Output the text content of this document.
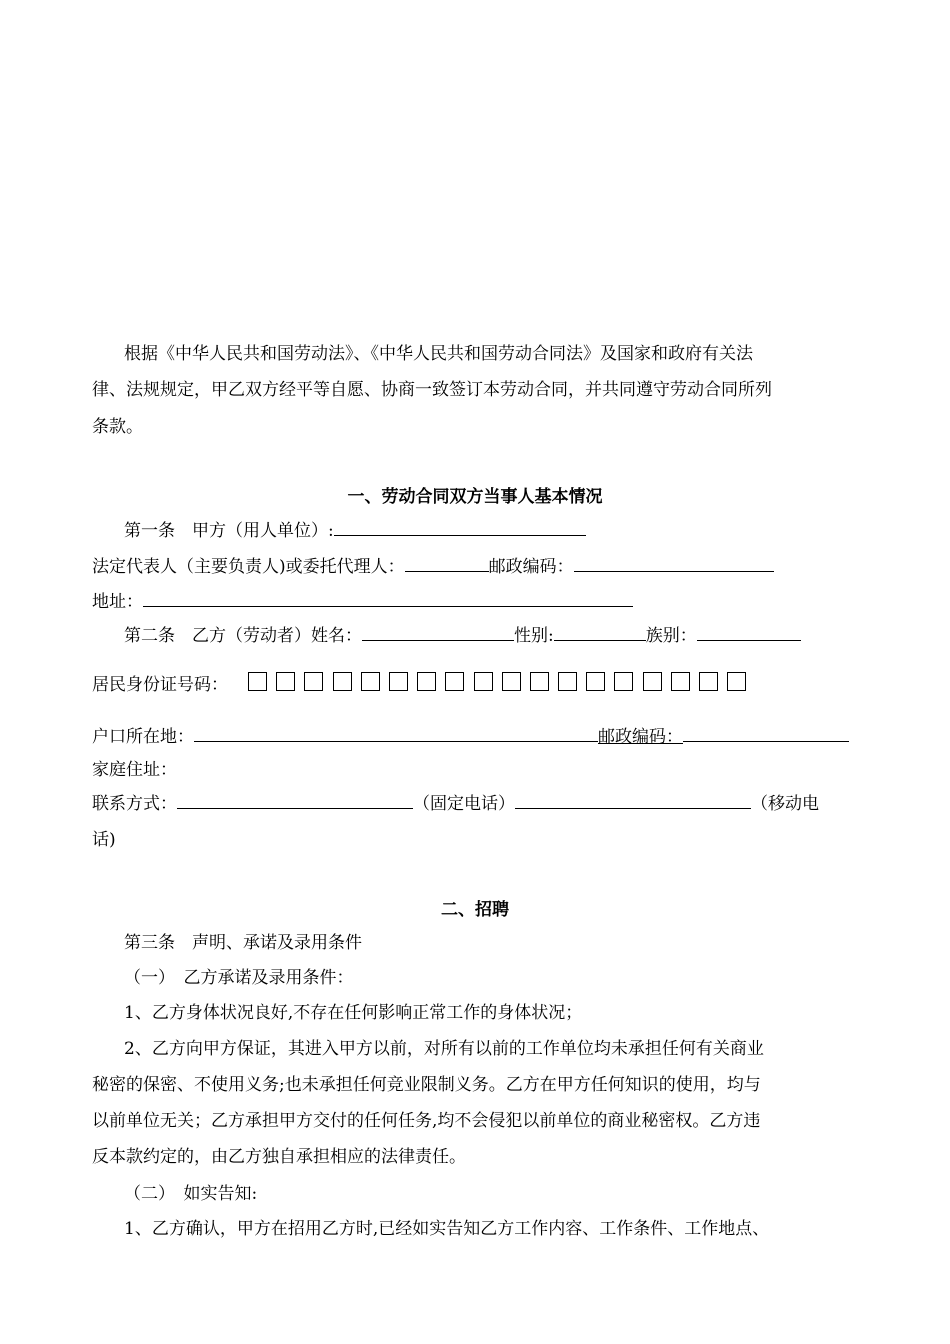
根据《中华人民共和国劳动法》、《中华人民共和国劳动合同法》及国家和政府有关法
律、法规规定，甲乙双方经平等自愿、协商一致签订本劳动合同，并共同遵守劳动合同所列
条款。
一、劳动合同双方当事人基本情况
第一条　甲方（用人单位）:
法定代表人（主要负责人)或委托代理人：	邮政编码：
地址：
第二条　乙方（劳动者）姓名：	性别:	族别：
居民身份证号码：
户口所在地：	邮政编码：
家庭住址：
联系方式：	（固定电话）	（移动电
话)
二、招聘
第三条　声明、承诺及录用条件
（一）　乙方承诺及录用条件：
1、乙方身体状况良好,不存在任何影响正常工作的身体状况；
2、乙方向甲方保证，其进入甲方以前，对所有以前的工作单位均未承担任何有关商业
秘密的保密、不使用义务;也未承担任何竞业限制义务。乙方在甲方任何知识的使用，均与
以前单位无关；乙方承担甲方交付的任何任务,均不会侵犯以前单位的商业秘密权。乙方违
反本款约定的，由乙方独自承担相应的法律责任。
（二）　如实告知:
1、乙方确认，甲方在招用乙方时,已经如实告知乙方工作内容、工作条件、工作地点、
